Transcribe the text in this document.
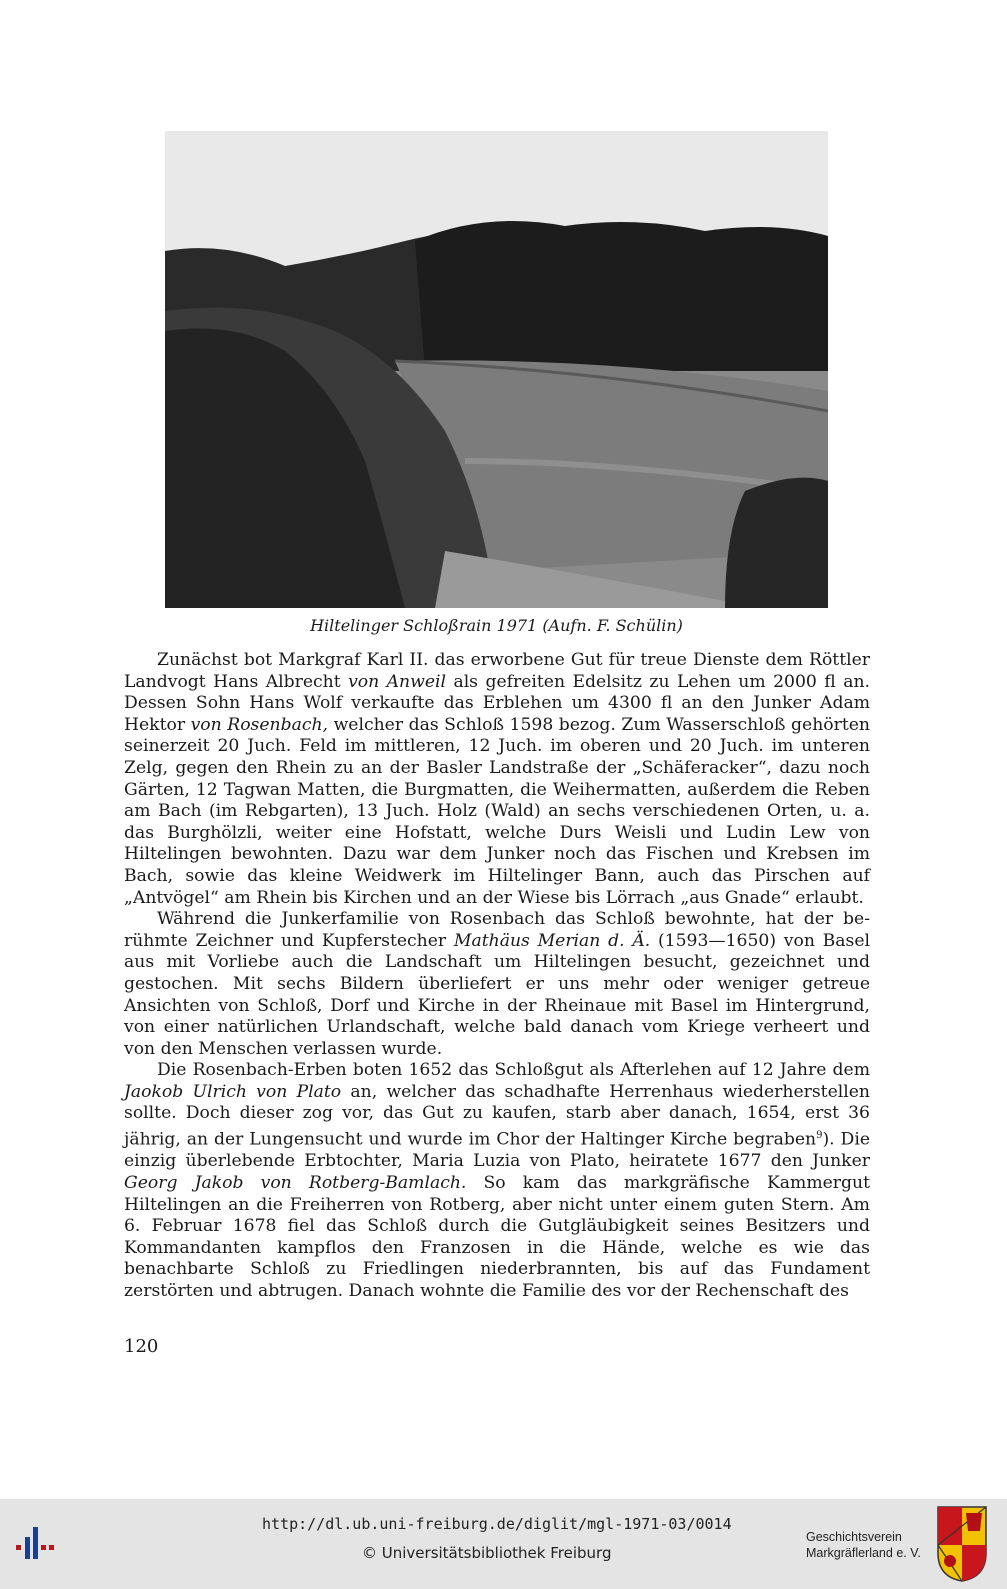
Hiltelinger Schloßrain 1971 (Aufn. F. Schülin)

Zunächst bot Markgraf Karl II. das erworbene Gut für treue Dienste dem Röttler Landvogt Hans Albrecht von Anweil als gefreiten Edelsitz zu Lehen um 2000 fl an. Dessen Sohn Hans Wolf verkaufte das Erblehen um 4300 fl an den Junker Adam Hektor von Rosenbach, welcher das Schloß 1598 bezog. Zum Wasserschloß gehörten seinerzeit 20 Juch. Feld im mittleren, 12 Juch. im oberen und 20 Juch. im unteren Zelg, gegen den Rhein zu an der Basler Landstraße der „Schäferacker“, dazu noch Gärten, 12 Tagwan Matten, die Burgmatten, die Weihermatten, außerdem die Reben am Bach (im Rebgarten), 13 Juch. Holz (Wald) an sechs verschiedenen Orten, u. a. das Burghölzli, weiter eine Hofstatt, welche Durs Weisli und Ludin Lew von Hiltelingen bewohnten. Dazu war dem Junker noch das Fischen und Krebsen im Bach, sowie das kleine Weidwerk im Hiltelinger Bann, auch das Pirschen auf „Antvögel“ am Rhein bis Kirchen und an der Wiese bis Lörrach „aus Gnade“ erlaubt.

Während die Junkerfamilie von Rosenbach das Schloß bewohnte, hat der berühmte Zeichner und Kupferstecher Mathäus Merian d. Ä. (1593—1650) von Basel aus mit Vorliebe auch die Landschaft um Hiltelingen besucht, gezeichnet und gestochen. Mit sechs Bildern überliefert er uns mehr oder weniger getreue Ansichten von Schloß, Dorf und Kirche in der Rheinaue mit Basel im Hintergrund, von einer natürlichen Urlandschaft, welche bald danach vom Kriege verheert und von den Menschen verlassen wurde.

Die Rosenbach-Erben boten 1652 das Schloßgut als Afterlehen auf 12 Jahre dem Jaokob Ulrich von Plato an, welcher das schadhafte Herrenhaus wiederherstellen sollte. Doch dieser zog vor, das Gut zu kaufen, starb aber danach, 1654, erst 36 jährig, an der Lungensucht und wurde im Chor der Haltinger Kirche begraben$^9$). Die einzig überlebende Erbtochter, Maria Luzia von Plato, heiratete 1677 den Junker Georg Jakob von Rotberg-Bamlach. So kam das markgräfische Kammergut Hiltelingen an die Freiherren von Rotberg, aber nicht unter einem guten Stern. Am 6. Februar 1678 fiel das Schloß durch die Gutgläubigkeit seines Besitzers und Kommandanten kampflos den Franzosen in die Hände, welche es wie das benachbarte Schloß zu Friedlingen niederbrannten, bis auf das Fundament zerstörten und abtrugen. Danach wohnte die Familie des vor der Rechenschaft des

120
http://dl.ub.uni-freiburg.de/diglit/mgl-1971-03/0014
© Universitätsbibliothek Freiburg
Geschichtsverein
Markgräflerland e. V.
